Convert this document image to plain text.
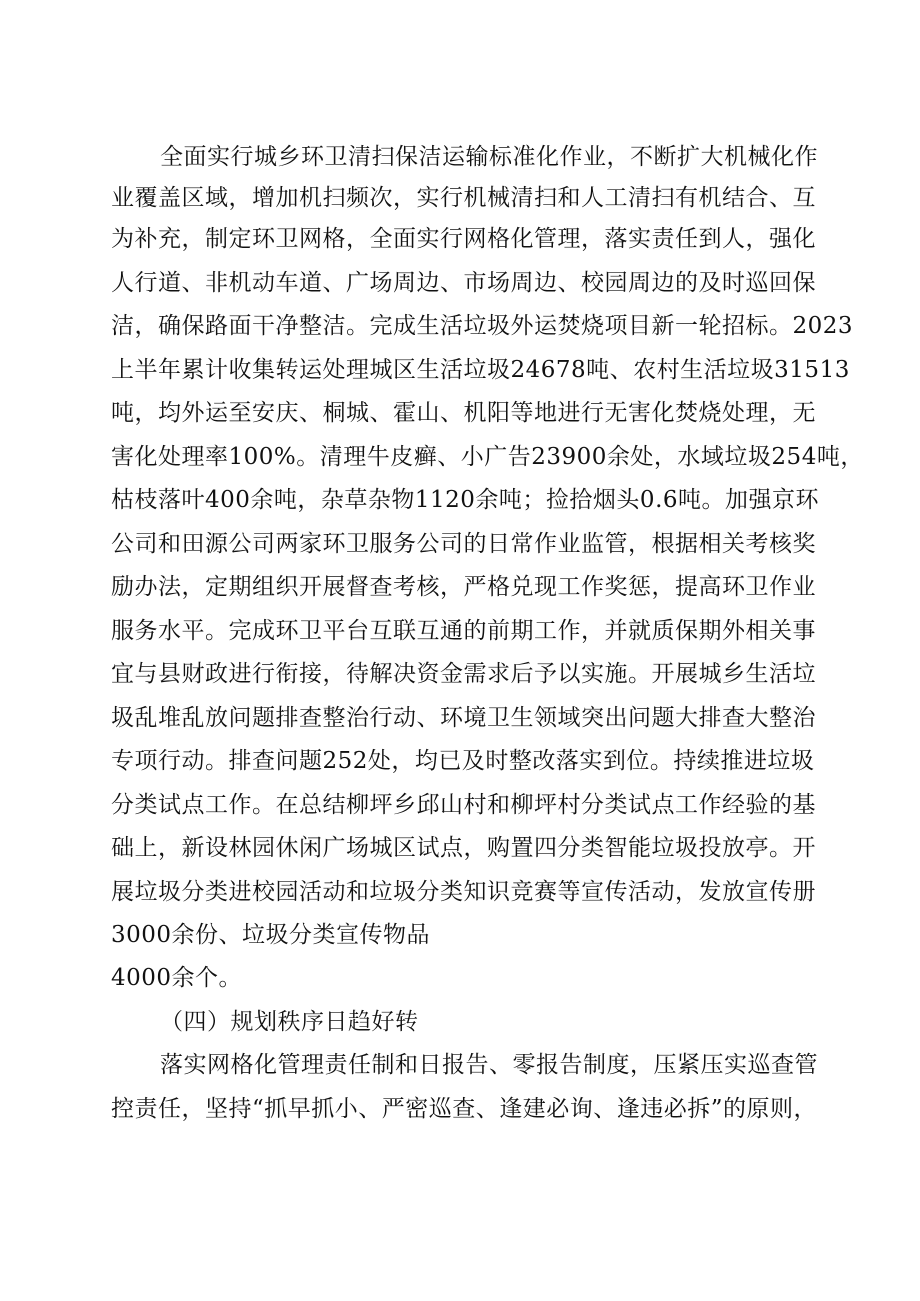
全面实行城乡环卫清扫保洁运输标准化作业，不断扩大机械化作
业覆盖区域，增加机扫频次，实行机械清扫和人工清扫有机结合、互
为补充，制定环卫网格，全面实行网格化管理，落实责任到人，强化
人行道、非机动车道、广场周边、市场周边、校园周边的及时巡回保
洁，确保路面干净整洁。完成生活垃圾外运焚烧项目新一轮招标。2023
上半年累计收集转运处理城区生活垃圾24678吨、农村生活垃圾31513
吨，均外运至安庆、桐城、霍山、机阳等地进行无害化焚烧处理，无
害化处理率100%。清理牛皮癣、小广告23900余处，水域垃圾254吨，
枯枝落叶400余吨，杂草杂物1120余吨；捡拾烟头0.6吨。加强京环
公司和田源公司两家环卫服务公司的日常作业监管，根据相关考核奖
励办法，定期组织开展督查考核，严格兑现工作奖惩，提高环卫作业
服务水平。完成环卫平台互联互通的前期工作，并就质保期外相关事
宜与县财政进行衔接，待解决资金需求后予以实施。开展城乡生活垃
圾乱堆乱放问题排查整治行动、环境卫生领域突出问题大排查大整治
专项行动。排查问题252处，均已及时整改落实到位。持续推进垃圾
分类试点工作。在总结柳坪乡邱山村和柳坪村分类试点工作经验的基
础上，新设林园休闲广场城区试点，购置四分类智能垃圾投放亭。开
展垃圾分类进校园活动和垃圾分类知识竞赛等宣传活动，发放宣传册
3000余份、垃圾分类宣传物品
4000余个。
（四）规划秩序日趋好转
落实网格化管理责任制和日报告、零报告制度，压紧压实巡查管
控责任，坚持“抓早抓小、严密巡查、逢建必询、逢违必拆”的原则，
